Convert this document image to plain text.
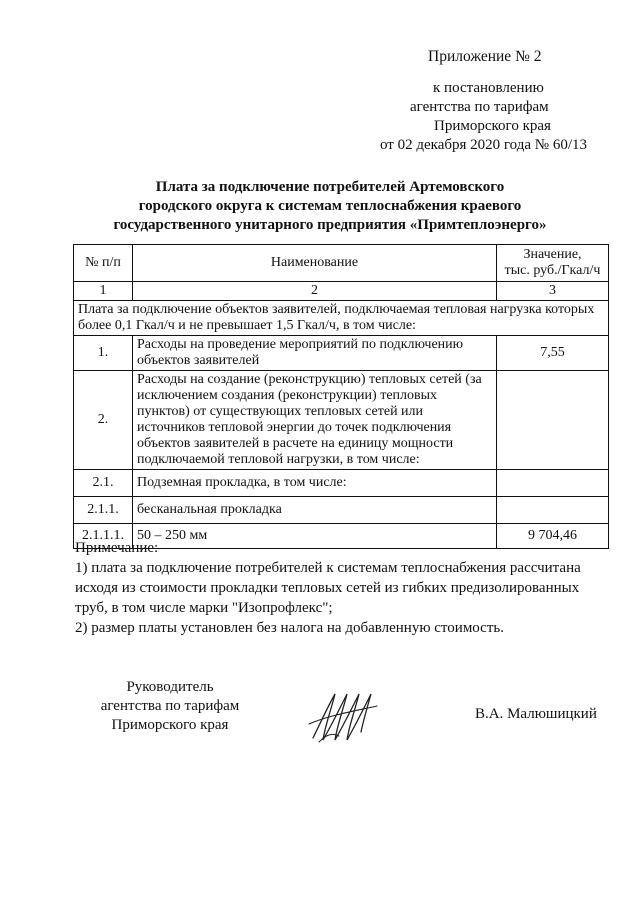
Приложение № 2
к постановлению
агентства по тарифам
Приморского края
от 02 декабря 2020 года № 60/13
Плата за подключение потребителей Артемовского
городского округа к системам теплоснабжения краевого
государственного унитарного предприятия «Примтеплоэнерго»
№ п/п	Наименование	Значение,
тыс. руб./Гкал/ч

1	2	3
Плата за подключение объектов заявителей, подключаемая тепловая нагрузка которых более 0,1 Гкал/ч и не превышает 1,5 Гкал/ч, в том числе:		
1.	Расходы на проведение мероприятий по подключению объектов заявителей	7,55
2.	Расходы на создание (реконструкцию) тепловых сетей (за исключением создания (реконструкции) тепловых пунктов) от существующих тепловых сетей или источников тепловой энергии до точек подключения объектов заявителей в расчете на единицу мощности подключаемой тепловой нагрузки, в том числе:	
2.1.	Подземная прокладка, в том числе:	
2.1.1.	бесканальная прокладка	
2.1.1.1.	50 – 250 мм	9 704,46
Примечание:
1) плата за подключение потребителей к системам теплоснабжения рассчитана исходя из стоимости прокладки тепловых сетей из гибких предизолированных труб, в том числе марки "Изопрофлекс";
2) размер платы установлен без налога на добавленную стоимость.
Руководитель
агентства по тарифам
Приморского края
В.А. Малюшицкий
